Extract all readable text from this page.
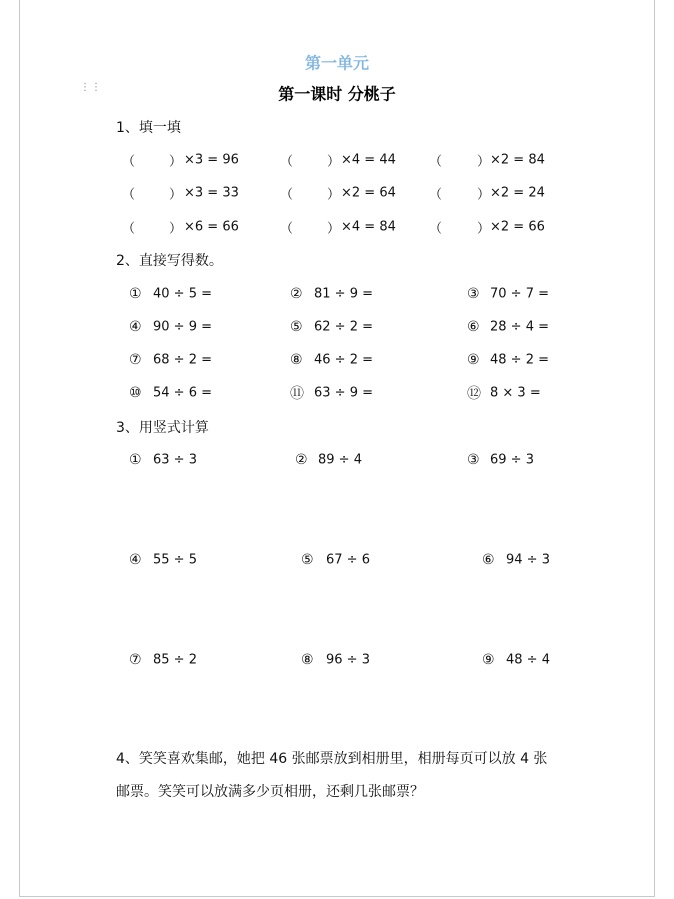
第一单元
⋮⋮	第一课时 分桃子
1、填一填
（	） ×3 = 96	（	） ×4 = 44	（	） ×2 = 84
（	） ×3 = 33	（	） ×2 = 64	（	） ×2 = 24
（	） ×6 = 66	（	） ×4 = 84	（	） ×2 = 66
2、直接写得数。
① 40 ÷ 5 =	② 81 ÷ 9 =	③ 70 ÷ 7 =
④ 90 ÷ 9 =	⑤ 62 ÷ 2 =	⑥ 28 ÷ 4 =
⑦ 68 ÷ 2 =	⑧ 46 ÷ 2 =	⑨ 48 ÷ 2 =
⑩ 54 ÷ 6 =	⑪ 63 ÷ 9 =	⑫ 8 × 3 =
3、用竖式计算
① 63 ÷ 3	② 89 ÷ 4	③ 69 ÷ 3
④ 55 ÷ 5	⑤ 67 ÷ 6	⑥ 94 ÷ 3
⑦ 85 ÷ 2	⑧ 96 ÷ 3	⑨ 48 ÷ 4
4、笑笑喜欢集邮，她把 46 张邮票放到相册里，相册每页可以放 4 张
邮票。笑笑可以放满多少页相册，还剩几张邮票？
